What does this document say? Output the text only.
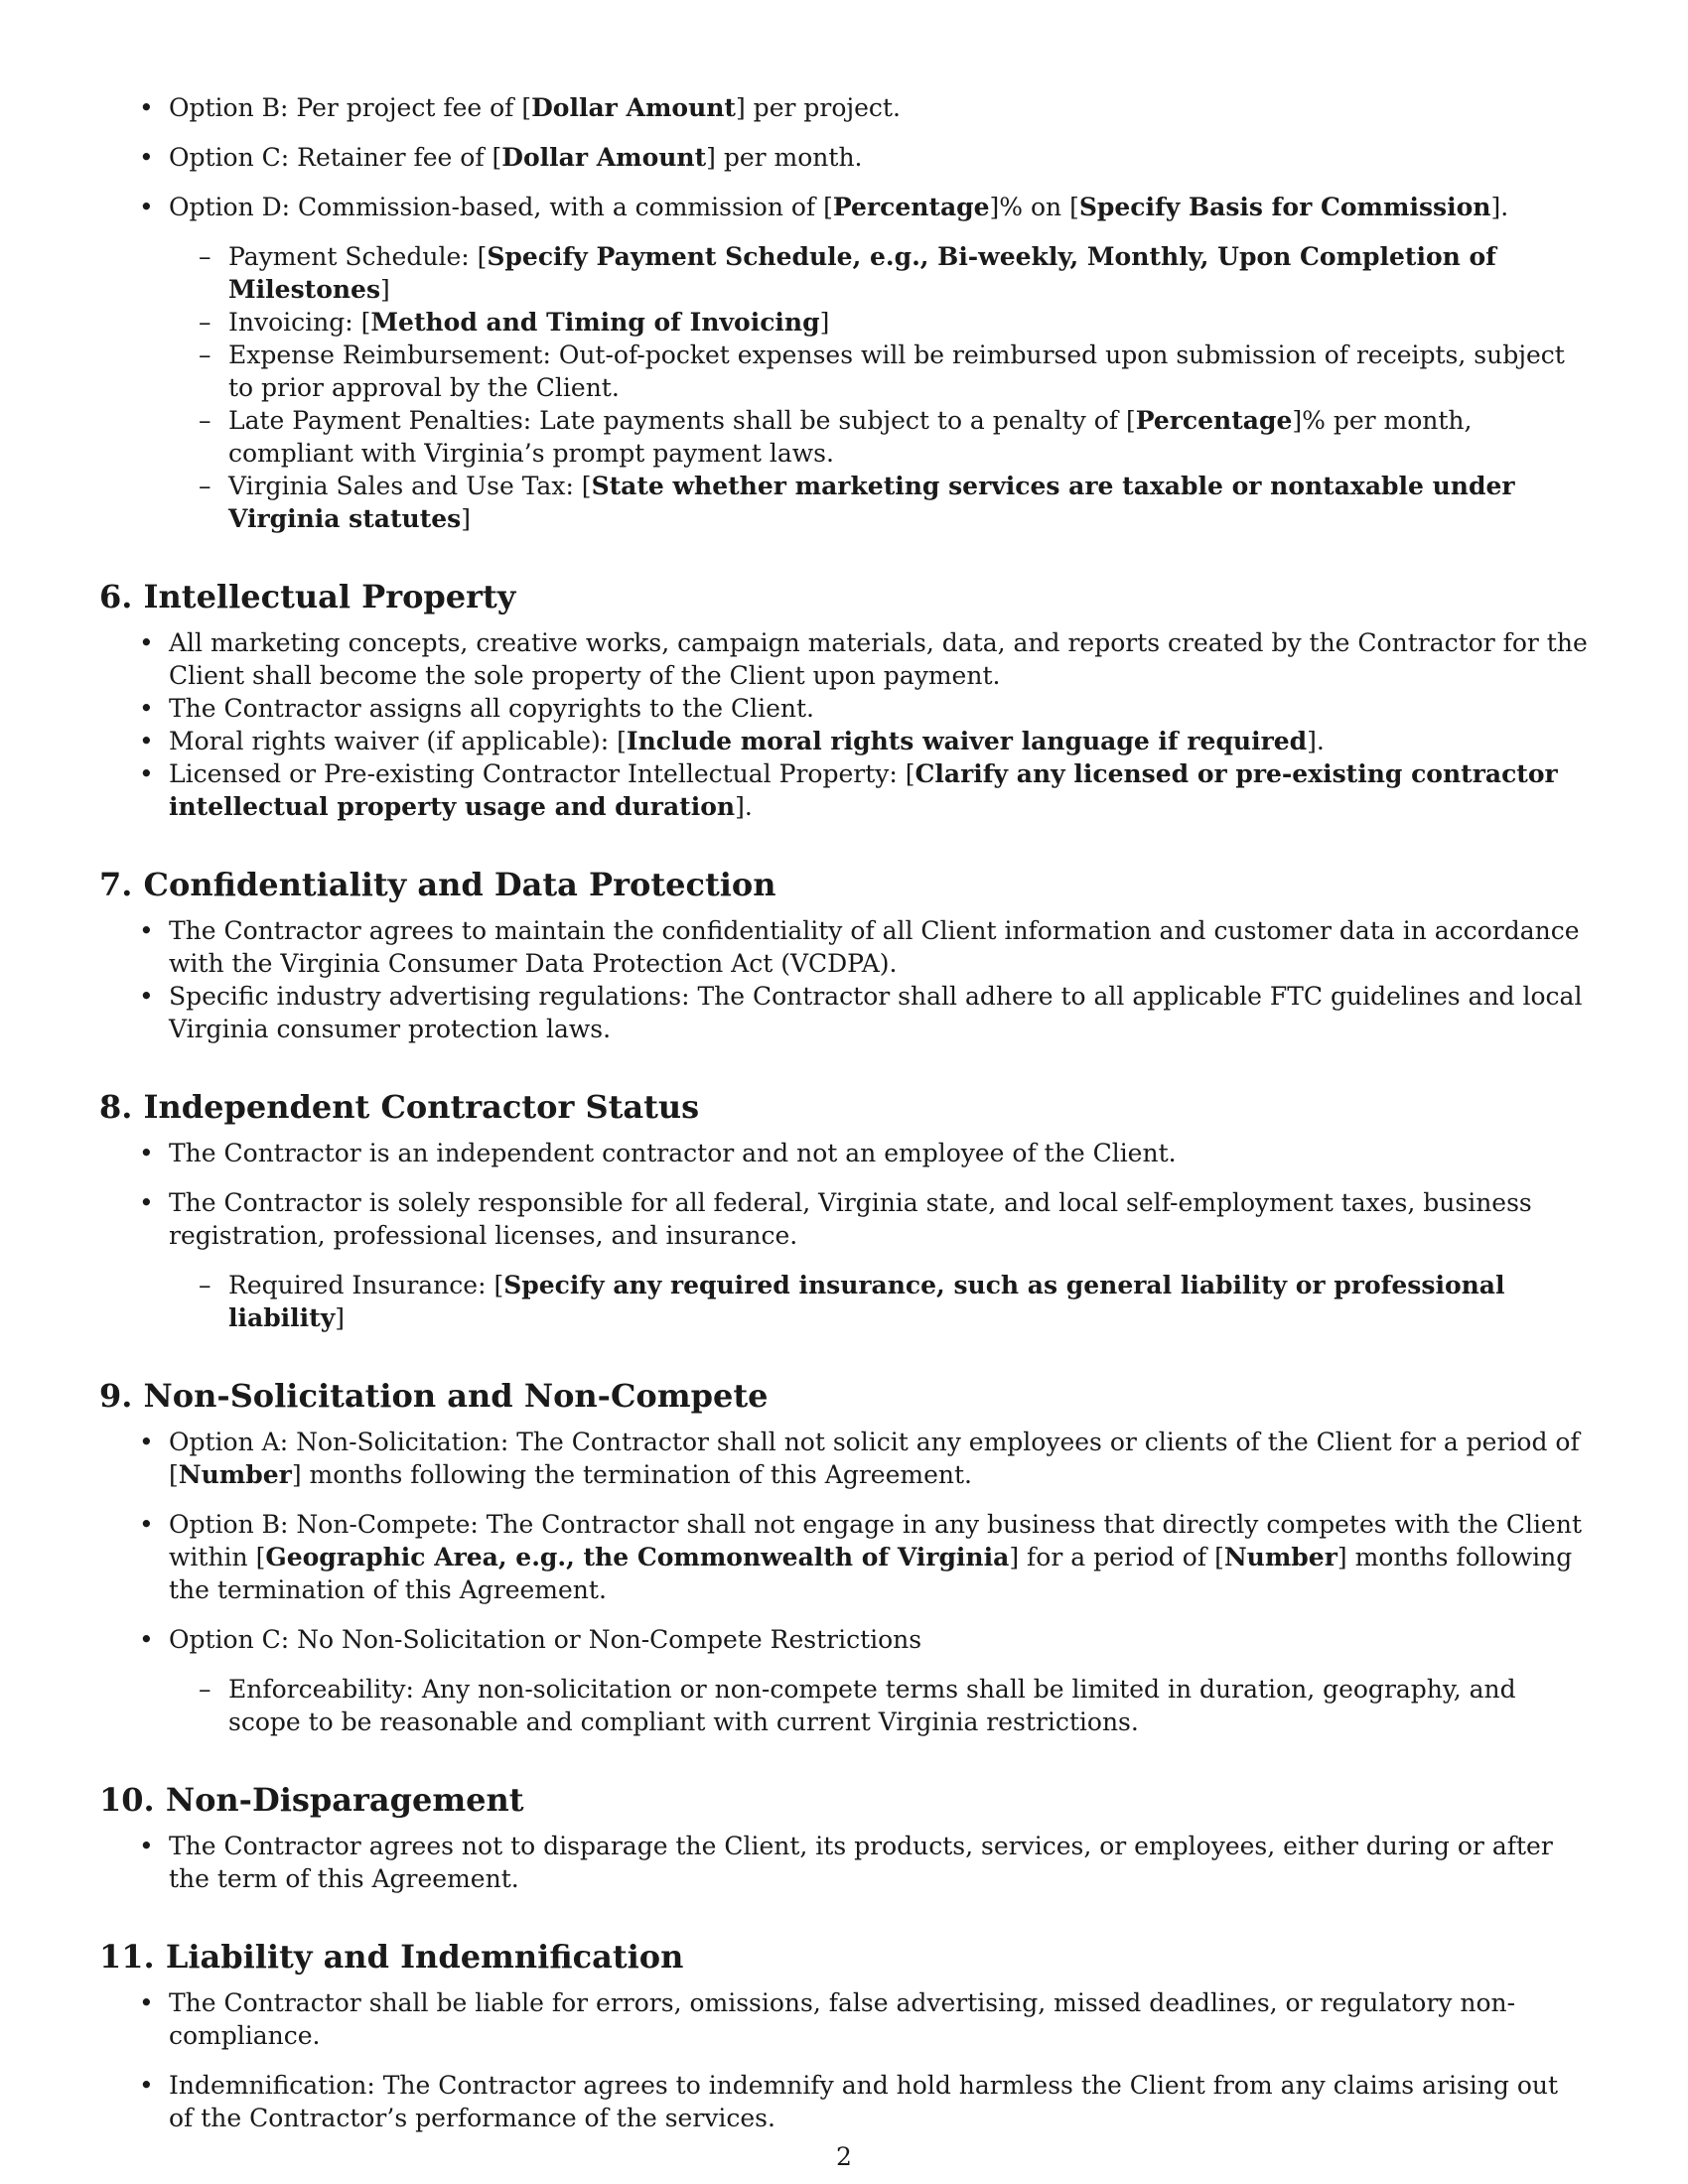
• Option B: Per project fee of [Dollar Amount] per project.

• Option C: Retainer fee of [Dollar Amount] per month.

• Option D: Commission-based, with a commission of [Percentage]% on [Specify Basis for Commission].

– Payment Schedule: [Specify Payment Schedule, e.g., Bi-weekly, Monthly, Upon Completion of Milestones]

– Invoicing: [Method and Timing of Invoicing]

– Expense Reimbursement: Out-of-pocket expenses will be reimbursed upon submission of receipts, subject to prior approval by the Client.

– Late Payment Penalties: Late payments shall be subject to a penalty of [Percentage]% per month, compliant with Virginia’s prompt payment laws.

– Virginia Sales and Use Tax: [State whether marketing services are taxable or nontaxable under Virginia statutes]

6. Intellectual Property

• All marketing concepts, creative works, campaign materials, data, and reports created by the Contractor for the Client shall become the sole property of the Client upon payment.

• The Contractor assigns all copyrights to the Client.

• Moral rights waiver (if applicable): [Include moral rights waiver language if required].

• Licensed or Pre-existing Contractor Intellectual Property: [Clarify any licensed or pre-existing contractor intellectual property usage and duration].

7. Confidentiality and Data Protection

• The Contractor agrees to maintain the confidentiality of all Client information and customer data in accordance with the Virginia Consumer Data Protection Act (VCDPA).

• Specific industry advertising regulations: The Contractor shall adhere to all applicable FTC guidelines and local Virginia consumer protection laws.

8. Independent Contractor Status

• The Contractor is an independent contractor and not an employee of the Client.

• The Contractor is solely responsible for all federal, Virginia state, and local self-employment taxes, business registration, professional licenses, and insurance.

– Required Insurance: [Specify any required insurance, such as general liability or professional liability]

9. Non-Solicitation and Non-Compete

• Option A: Non-Solicitation: The Contractor shall not solicit any employees or clients of the Client for a period of [Number] months following the termination of this Agreement.

• Option B: Non-Compete: The Contractor shall not engage in any business that directly competes with the Client within [Geographic Area, e.g., the Commonwealth of Virginia] for a period of [Number] months following the termination of this Agreement.

• Option C: No Non-Solicitation or Non-Compete Restrictions

– Enforceability: Any non-solicitation or non-compete terms shall be limited in duration, geography, and scope to be reasonable and compliant with current Virginia restrictions.

10. Non-Disparagement

• The Contractor agrees not to disparage the Client, its products, services, or employees, either during or after the term of this Agreement.

11. Liability and Indemnification

• The Contractor shall be liable for errors, omissions, false advertising, missed deadlines, or regulatory non-compliance.

• Indemnification: The Contractor agrees to indemnify and hold harmless the Client from any claims arising out of the Contractor’s performance of the services.

2
